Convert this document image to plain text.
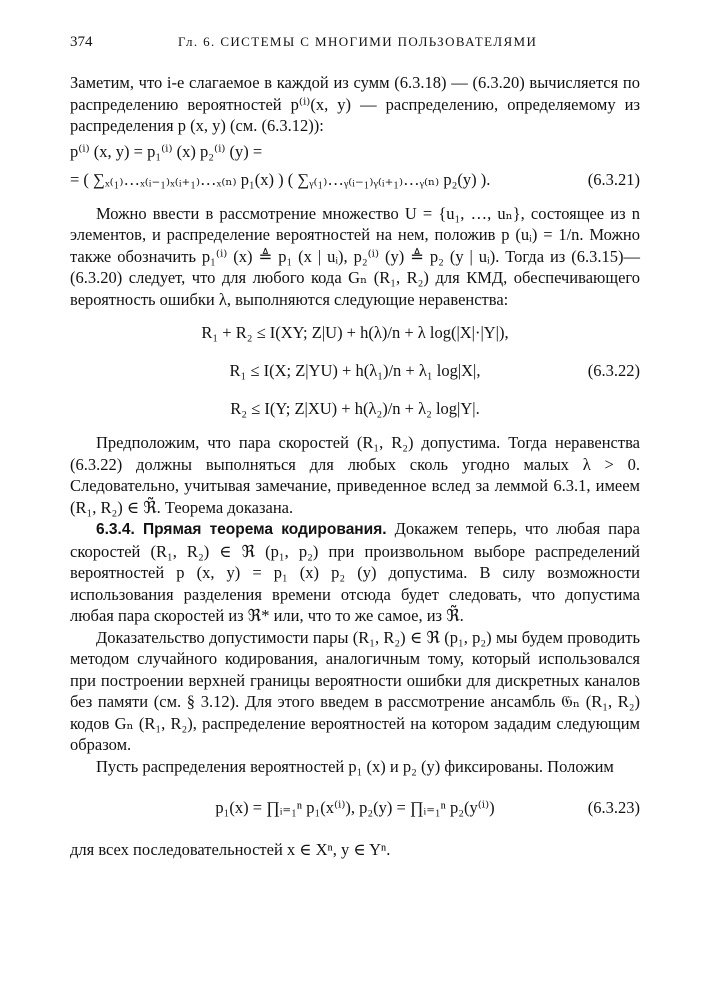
374	Гл. 6. СИСТЕМЫ С МНОГИМИ ПОЛЬЗОВАТЕЛЯМИ

Заметим, что i-е слагаемое в каждой из сумм (6.3.18) — (6.3.20) вычисляется по распределению вероятностей p⁽ⁱ⁾(x, y) — распределению, определяемому из распределения p (x, y) (см. (6.3.12)):

p⁽ⁱ⁾ (x, y) = p₁⁽ⁱ⁾ (x) p₂⁽ⁱ⁾ (y) =
= ( ∑ₓ₍₁₎…ₓ₍ᵢ₋₁₎ₓ₍ᵢ₊₁₎…ₓ₍ₙ₎ p₁(x) ) ( ∑ᵧ₍₁₎…ᵧ₍ᵢ₋₁₎ᵧ₍ᵢ₊₁₎…ᵧ₍ₙ₎ p₂(y) ).	(6.3.21)

Можно ввести в рассмотрение множество U = {u₁, …, uₙ}, состоящее из n элементов, и распределение вероятностей на нем, положив p (uᵢ) = 1/n. Можно также обозначить p₁⁽ⁱ⁾ (x) ≜ p₁ (x | uᵢ), p₂⁽ⁱ⁾ (y) ≜ p₂ (y | uᵢ). Тогда из (6.3.15)—(6.3.20) следует, что для любого кода Gₙ (R₁, R₂) для КМД, обеспечивающего вероятность ошибки λ, выполняются следующие неравенства:

R₁ + R₂ ≤ I(XY; Z|U) + h(λ)/n + λ log(|X|·|Y|),
R₁ ≤ I(X; Z|YU) + h(λ₁)/n + λ₁ log|X|,	(6.3.22)
R₂ ≤ I(Y; Z|XU) + h(λ₂)/n + λ₂ log|Y|.

Предположим, что пара скоростей (R₁, R₂) допустима. Тогда неравенства (6.3.22) должны выполняться для любых сколь угодно малых λ > 0. Следовательно, учитывая замечание, приведенное вслед за леммой 6.3.1, имеем (R₁, R₂) ∈ ℜ̃. Теорема доказана.

6.3.4. Прямая теорема кодирования. Докажем теперь, что любая пара скоростей (R₁, R₂) ∈ ℜ (p₁, p₂) при произвольном выборе распределений вероятностей p (x, y) = p₁ (x) p₂ (y) допустима. В силу возможности использования разделения времени отсюда будет следовать, что допустима любая пара скоростей из ℜ* или, что то же самое, из ℜ̃.

Доказательство допустимости пары (R₁, R₂) ∈ ℜ (p₁, p₂) мы будем проводить методом случайного кодирования, аналогичным тому, который использовался при построении верхней границы вероятности ошибки для дискретных каналов без памяти (см. § 3.12). Для этого введем в рассмотрение ансамбль 𝔊ₙ (R₁, R₂) кодов Gₙ (R₁, R₂), распределение вероятностей на котором зададим следующим образом.

Пусть распределения вероятностей p₁ (x) и p₂ (y) фиксированы. Положим

p₁(x) = ∏ᵢ₌₁ⁿ p₁(x⁽ⁱ⁾), p₂(y) = ∏ᵢ₌₁ⁿ p₂(y⁽ⁱ⁾)	(6.3.23)

для всех последовательностей x ∈ Xⁿ, y ∈ Yⁿ.
